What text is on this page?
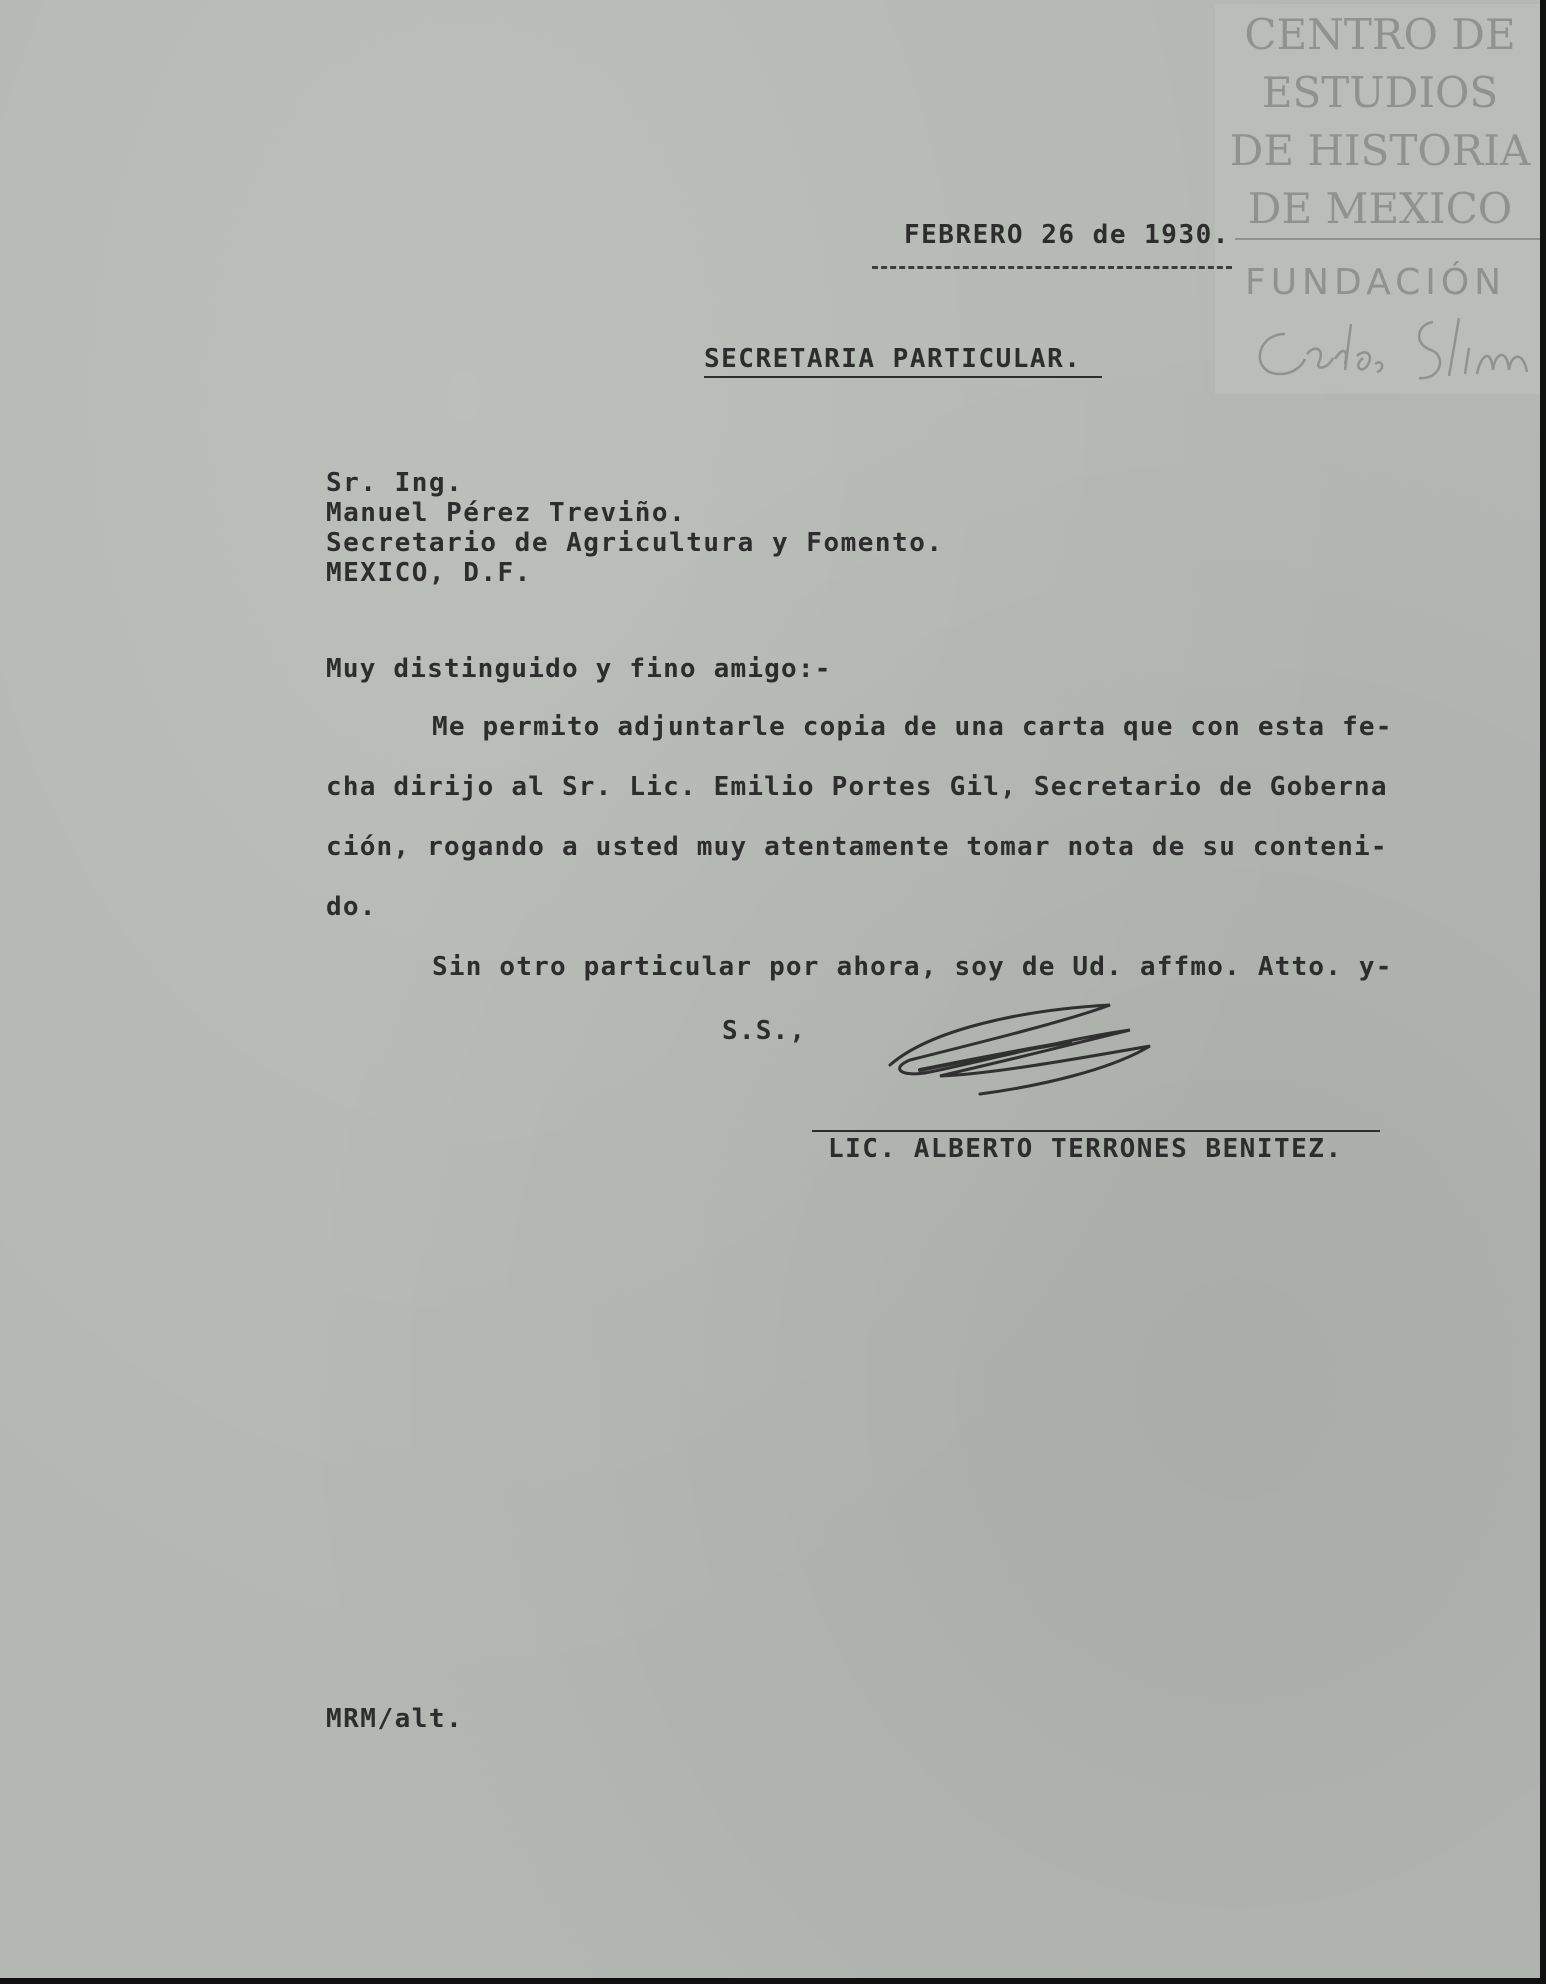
CENTRO DE
ESTUDIOS
DE HISTORIA
DE MEXICO
FUNDACIÓN
FEBRERO 26 de 1930.
SECRETARIA PARTICULAR.
Sr. Ing.
Manuel Pérez Treviño.
Secretario de Agricultura y Fomento.
MEXICO, D.F.
Muy distinguido y fino amigo:-
Me permito adjuntarle copia de una carta que con esta fe-
cha dirijo al Sr. Lic. Emilio Portes Gil, Secretario de Goberna
ción, rogando a usted muy atentamente tomar nota de su conteni-
do.
Sin otro particular por ahora, soy de Ud. affmo. Atto. y-
S.S.,
LIC. ALBERTO TERRONES BENITEZ.
MRM/alt.
